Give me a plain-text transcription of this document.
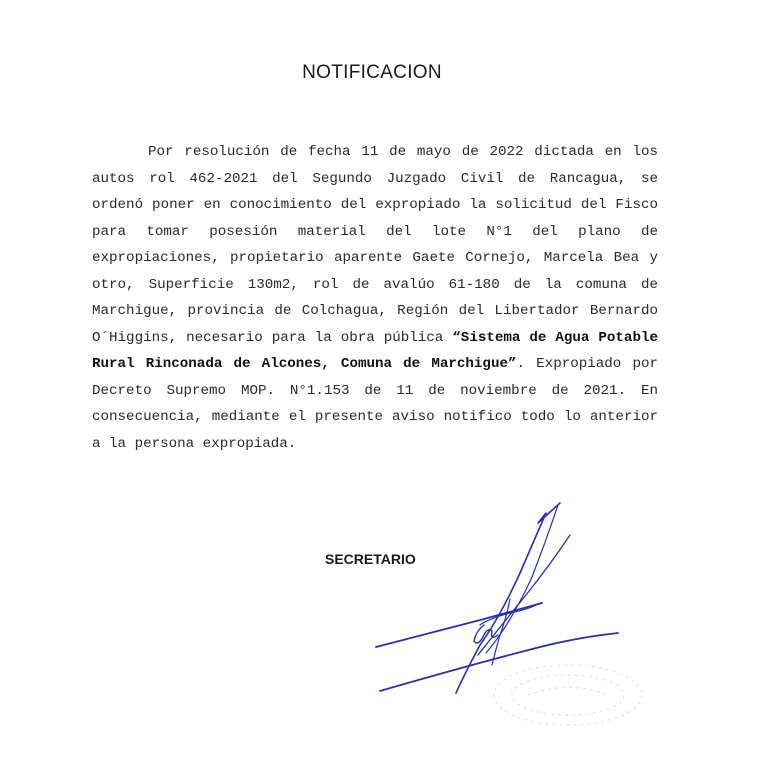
NOTIFICACION
Por resolución de fecha 11 de mayo de 2022 dictada en los autos rol 462-2021 del Segundo Juzgado Civil de Rancagua, se ordenó poner en conocimiento del expropiado la solicitud del Fisco para tomar posesión material del lote N°1 del plano de expropiaciones, propietario aparente Gaete Cornejo, Marcela Bea y otro, Superficie 130m2, rol de avalúo 61-180 de la comuna de Marchigue, provincia de Colchagua, Región del Libertador Bernardo O´Higgins, necesario para la obra pública “Sistema de Agua Potable Rural Rinconada de Alcones, Comuna de Marchigue”. Expropiado por Decreto Supremo MOP. N°1.153 de 11 de noviembre de 2021. En consecuencia, mediante el presente aviso notifico todo lo anterior a la persona expropiada.
SECRETARIO
